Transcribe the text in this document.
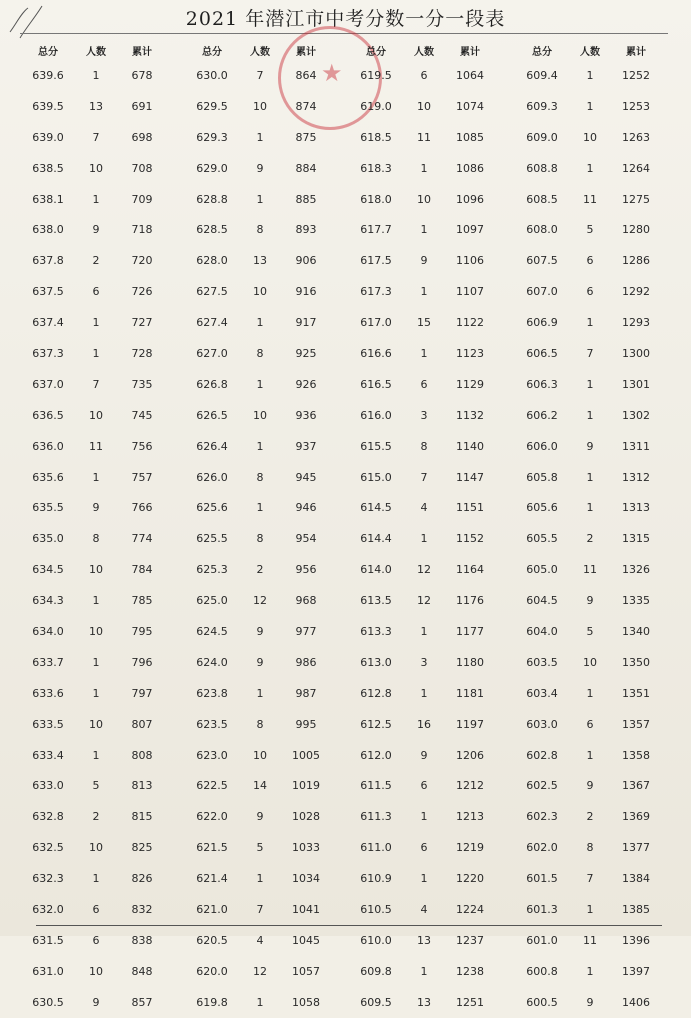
2021 年潜江市中考分数一分一段表
★
总分	人数	累计
639.6	1	678
639.5	13	691
639.0	7	698
638.5	10	708
638.1	1	709
638.0	9	718
637.8	2	720
637.5	6	726
637.4	1	727
637.3	1	728
637.0	7	735
636.5	10	745
636.0	11	756
635.6	1	757
635.5	9	766
635.0	8	774
634.5	10	784
634.3	1	785
634.0	10	795
633.7	1	796
633.6	1	797
633.5	10	807
633.4	1	808
633.0	5	813
632.8	2	815
632.5	10	825
632.3	1	826
632.0	6	832
631.5	6	838
631.0	10	848
630.5	9	857
总分	人数	累计
630.0	7	864
629.5	10	874
629.3	1	875
629.0	9	884
628.8	1	885
628.5	8	893
628.0	13	906
627.5	10	916
627.4	1	917
627.0	8	925
626.8	1	926
626.5	10	936
626.4	1	937
626.0	8	945
625.6	1	946
625.5	8	954
625.3	2	956
625.0	12	968
624.5	9	977
624.0	9	986
623.8	1	987
623.5	8	995
623.0	10	1005
622.5	14	1019
622.0	9	1028
621.5	5	1033
621.4	1	1034
621.0	7	1041
620.5	4	1045
620.0	12	1057
619.8	1	1058
总分	人数	累计
619.5	6	1064
619.0	10	1074
618.5	11	1085
618.3	1	1086
618.0	10	1096
617.7	1	1097
617.5	9	1106
617.3	1	1107
617.0	15	1122
616.6	1	1123
616.5	6	1129
616.0	3	1132
615.5	8	1140
615.0	7	1147
614.5	4	1151
614.4	1	1152
614.0	12	1164
613.5	12	1176
613.3	1	1177
613.0	3	1180
612.8	1	1181
612.5	16	1197
612.0	9	1206
611.5	6	1212
611.3	1	1213
611.0	6	1219
610.9	1	1220
610.5	4	1224
610.0	13	1237
609.8	1	1238
609.5	13	1251
总分	人数	累计
609.4	1	1252
609.3	1	1253
609.0	10	1263
608.8	1	1264
608.5	11	1275
608.0	5	1280
607.5	6	1286
607.0	6	1292
606.9	1	1293
606.5	7	1300
606.3	1	1301
606.2	1	1302
606.0	9	1311
605.8	1	1312
605.6	1	1313
605.5	2	1315
605.0	11	1326
604.5	9	1335
604.0	5	1340
603.5	10	1350
603.4	1	1351
603.0	6	1357
602.8	1	1358
602.5	9	1367
602.3	2	1369
602.0	8	1377
601.5	7	1384
601.3	1	1385
601.0	11	1396
600.8	1	1397
600.5	9	1406
